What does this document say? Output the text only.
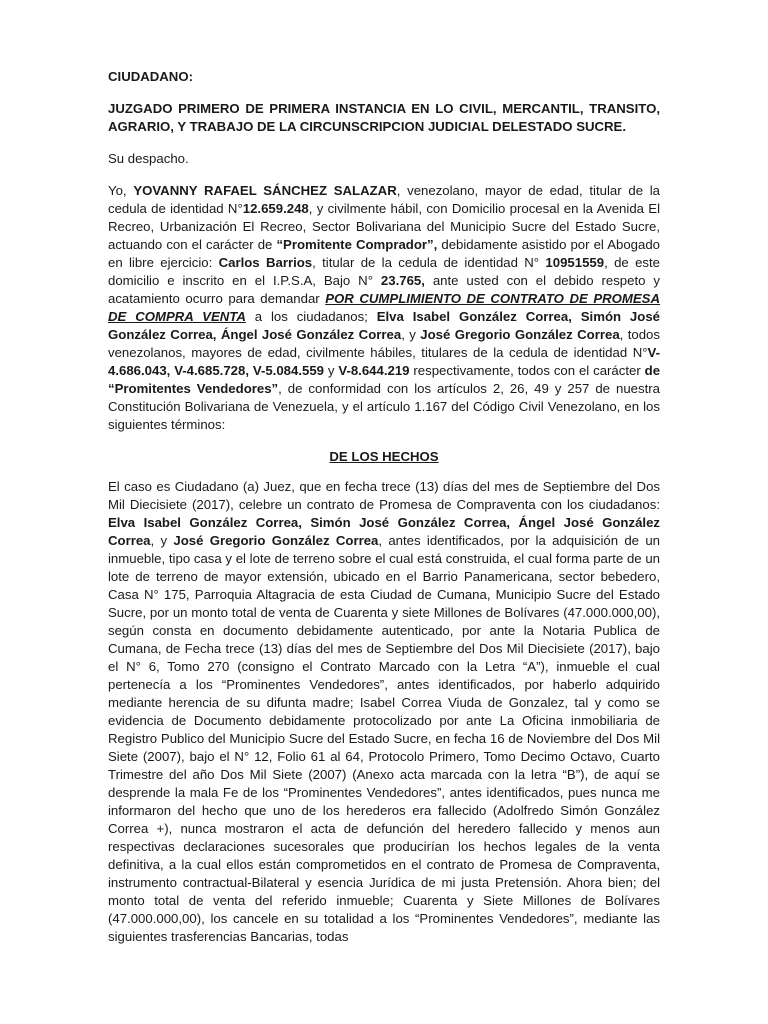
CIUDADANO:

JUZGADO PRIMERO DE PRIMERA INSTANCIA EN LO CIVIL, MERCANTIL, TRANSITO, AGRARIO, Y TRABAJO DE LA CIRCUNSCRIPCION JUDICIAL DELESTADO SUCRE.

Su despacho.

Yo, YOVANNY RAFAEL SÁNCHEZ SALAZAR, venezolano, mayor de edad, titular de la cedula de identidad N°12.659.248, y civilmente hábil, con Domicilio procesal en la Avenida El Recreo, Urbanización El Recreo, Sector Bolivariana del Municipio Sucre del Estado Sucre, actuando con el carácter de “Promitente Comprador”, debidamente asistido por el Abogado en libre ejercicio: Carlos Barrios, titular de la cedula de identidad N° 10951559, de este domicilio e inscrito en el I.P.S.A, Bajo N° 23.765, ante usted con el debido respeto y acatamiento ocurro para demandar POR CUMPLIMIENTO DE CONTRATO DE PROMESA DE COMPRA VENTA a los ciudadanos; Elva Isabel González Correa, Simón José González Correa, Ángel José González Correa, y José Gregorio González Correa, todos venezolanos, mayores de edad, civilmente hábiles, titulares de la cedula de identidad N°V- 4.686.043, V-4.685.728, V-5.084.559 y V-8.644.219 respectivamente, todos con el carácter de “Promitentes Vendedores”, de conformidad con los artículos 2, 26, 49 y 257 de nuestra Constitución Bolivariana de Venezuela, y el artículo 1.167 del Código Civil Venezolano, en los siguientes términos:

DE LOS HECHOS

El caso es Ciudadano (a) Juez, que en fecha trece (13) días del mes de Septiembre del Dos Mil Diecisiete (2017), celebre un contrato de Promesa de Compraventa con los ciudadanos: Elva Isabel González Correa, Simón José González Correa, Ángel José González Correa, y José Gregorio González Correa, antes identificados, por la adquisición de un inmueble, tipo casa y el lote de terreno sobre el cual está construida, el cual forma parte de un lote de terreno de mayor extensión, ubicado en el Barrio Panamericana, sector bebedero, Casa N° 175, Parroquia Altagracia de esta Ciudad de Cumana, Municipio Sucre del Estado Sucre, por un monto total de venta de Cuarenta y siete Millones de Bolívares (47.000.000,00), según consta en documento debidamente autenticado, por ante la Notaria Publica de Cumana, de Fecha trece (13) días del mes de Septiembre del Dos Mil Diecisiete (2017), bajo el N° 6, Tomo 270 (consigno el Contrato Marcado con la Letra “A”), inmueble el cual pertenecía a los “Prominentes Vendedores”, antes identificados, por haberlo adquirido mediante herencia de su difunta madre; Isabel Correa Viuda de Gonzalez, tal y como se evidencia de Documento debidamente protocolizado por ante La Oficina inmobiliaria de Registro Publico del Municipio Sucre del Estado Sucre, en fecha 16 de Noviembre del Dos Mil Siete (2007), bajo el N° 12, Folio 61 al 64, Protocolo Primero, Tomo Decimo Octavo, Cuarto Trimestre del año Dos Mil Siete (2007) (Anexo acta marcada con la letra “B”), de aquí se desprende la mala Fe de los “Prominentes Vendedores”, antes identificados, pues nunca me informaron del hecho que uno de los herederos era fallecido (Adolfredo Simón González Correa +), nunca mostraron el acta de defunción del heredero fallecido y menos aun respectivas declaraciones sucesorales que producirían los hechos legales de la venta definitiva, a la cual ellos están comprometidos en el contrato de Promesa de Compraventa, instrumento contractual-Bilateral y esencia Jurídica de mi justa Pretensión. Ahora bien; del monto total de venta del referido inmueble; Cuarenta y Siete Millones de Bolívares (47.000.000,00), los cancele en su totalidad a los “Prominentes Vendedores”, mediante las siguientes trasferencias Bancarias, todas
